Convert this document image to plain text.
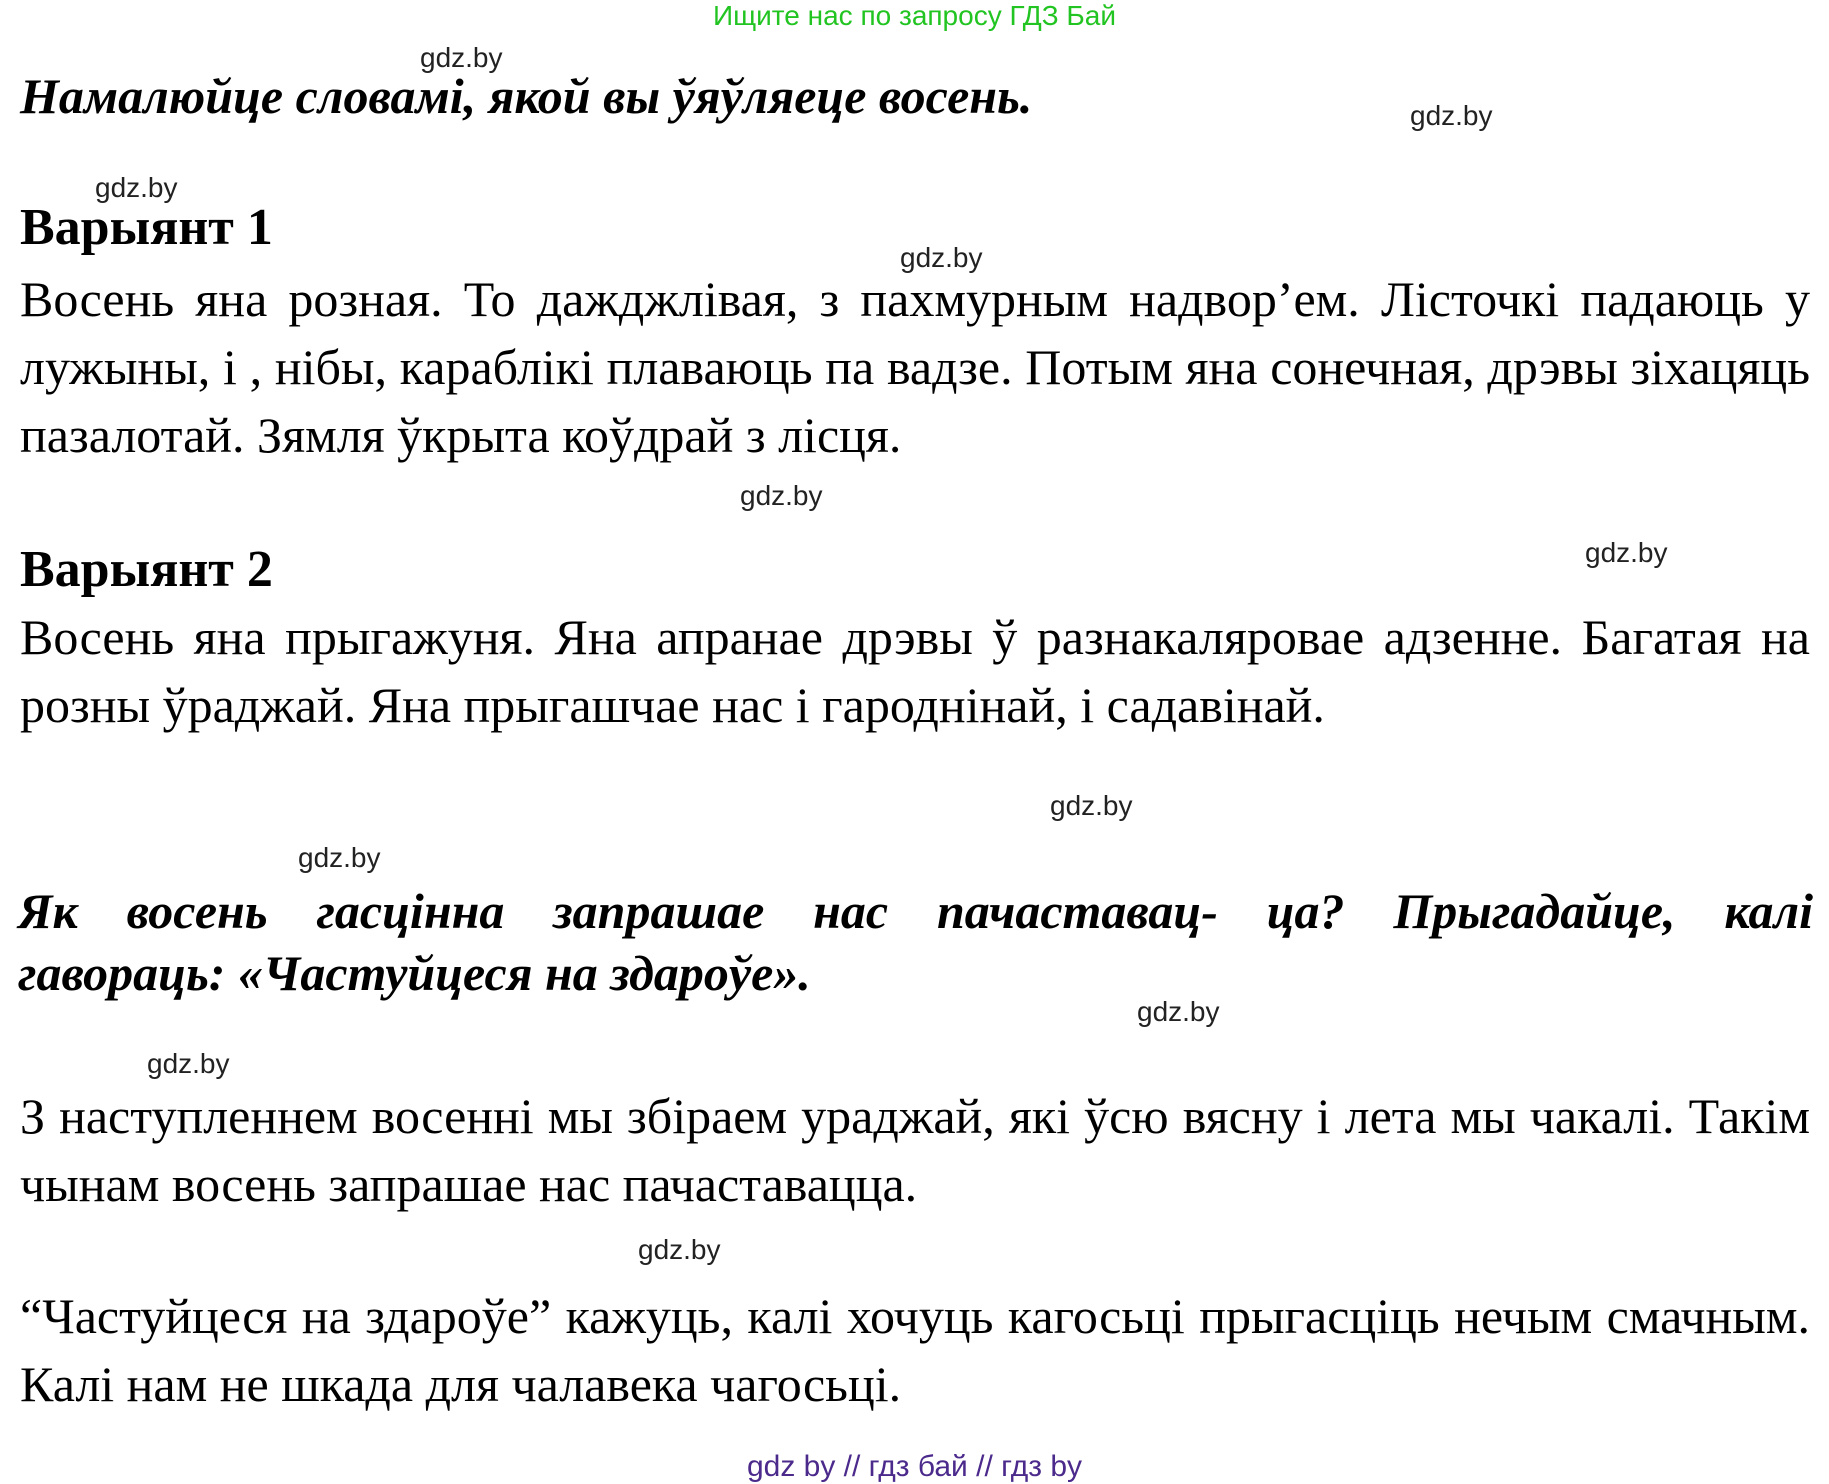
Ищите нас по запросу ГДЗ Бай
gdz.by
gdz.by
gdz.by
gdz.by
gdz.by
gdz.by
gdz.by
gdz.by
gdz.by
gdz.by
gdz.by
Намалюйце словамі, якой вы ўяўляеце восень.
Варыянт 1
Восень яна розная. То дажджлівая, з пахмурным надвор’ем. Лісточкі падаюць у лужыны, і , нібы, караблікі плаваюць па вадзе. Потым яна сонечная, дрэвы зіхацяць пазалотай. Зямля ўкрыта коўдрай з лісця.
Варыянт 2
Восень яна прыгажуня. Яна апранае дрэвы ў разнакаляровае адзенне. Багатая на розны ўраджай. Яна прыгашчае нас і гароднінай, і садавінай.
Як восень гасцінна запрашае нас пачаставац- ца? Прыгадайце, калі
гавораць: «Частуйцеся на здароўе».
З наступленнем восенні мы збіраем ураджай, які ўсю вясну і лета мы чакалі. Такім чынам восень запрашае нас пачаставацца.
“Частуйцеся на здароўе” кажуць, калі хочуць кагосьці прыгасціць нечым смачным. Калі нам не шкада для чалавека чагосьці.
gdz by // гдз бай // гдз by
